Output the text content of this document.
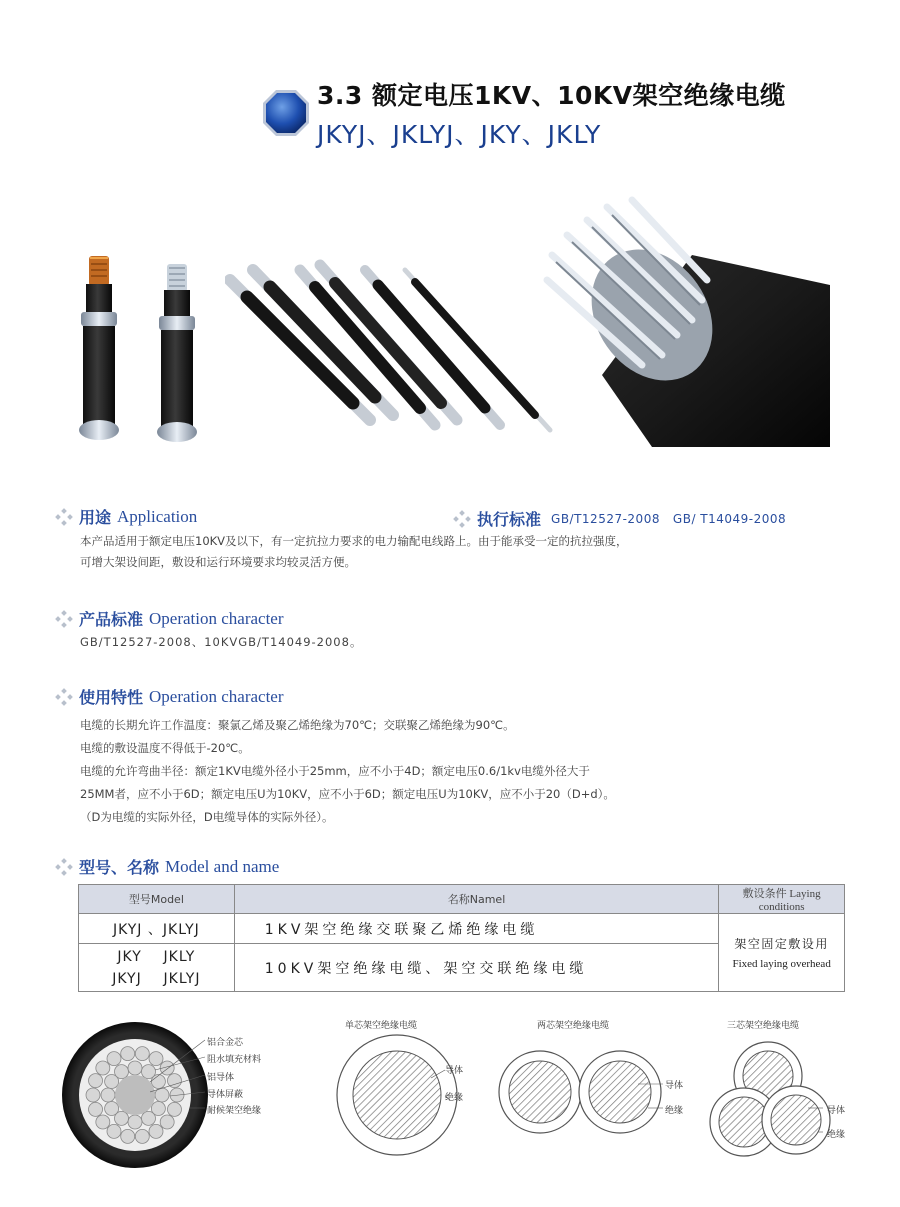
3.3 额定电压1KV、10KV架空绝缘电缆
JKYJ、JKLYJ、JKY、JKLY
用途 Application	执行标准 GB/T12527-2008   GB/ T14049-2008
本产品适用于额定电压10KV及以下，有一定抗拉力要求的电力输配电线路上。由于能承受一定的抗拉强度，
可增大架设间距，敷设和运行环境要求均较灵活方便。
产品标准 Operation character
GB/T12527-2008、10KVGB/T14049-2008。
使用特性 Operation character
电缆的长期允许工作温度：聚氯乙烯及聚乙烯绝缘为70℃；交联聚乙烯绝缘为90℃。
电缆的敷设温度不得低于-20℃。
电缆的允许弯曲半径：额定1KV电缆外径小于25mm，应不小于4D；额定电压0.6/1kv电缆外径大于
25MM者，应不小于6D；额定电压U为10KV，应不小于6D；额定电压U为10KV，应不小于20（D+d）。
（D为电缆的实际外径，D电缆导体的实际外径）。
型号、名称 Model and name
型号Model	名称Namel	敷设条件 Laying conditions
JKYJ 、JKLYJ	1KV架空绝缘交联聚乙烯绝缘电缆	架空固定敷设用
Fixed laying overhead

JKY    JKLY
JKYJ    JKLYJ	10KV架空绝缘电缆、架空交联绝缘电缆	
铝合金芯
阻水填充材料
铝导体
导体屏蔽
耐候架空绝缘
单芯架空绝缘电缆
导体
绝缘
两芯架空绝缘电缆
导体
绝缘
三芯架空绝缘电缆
导体
绝缘
